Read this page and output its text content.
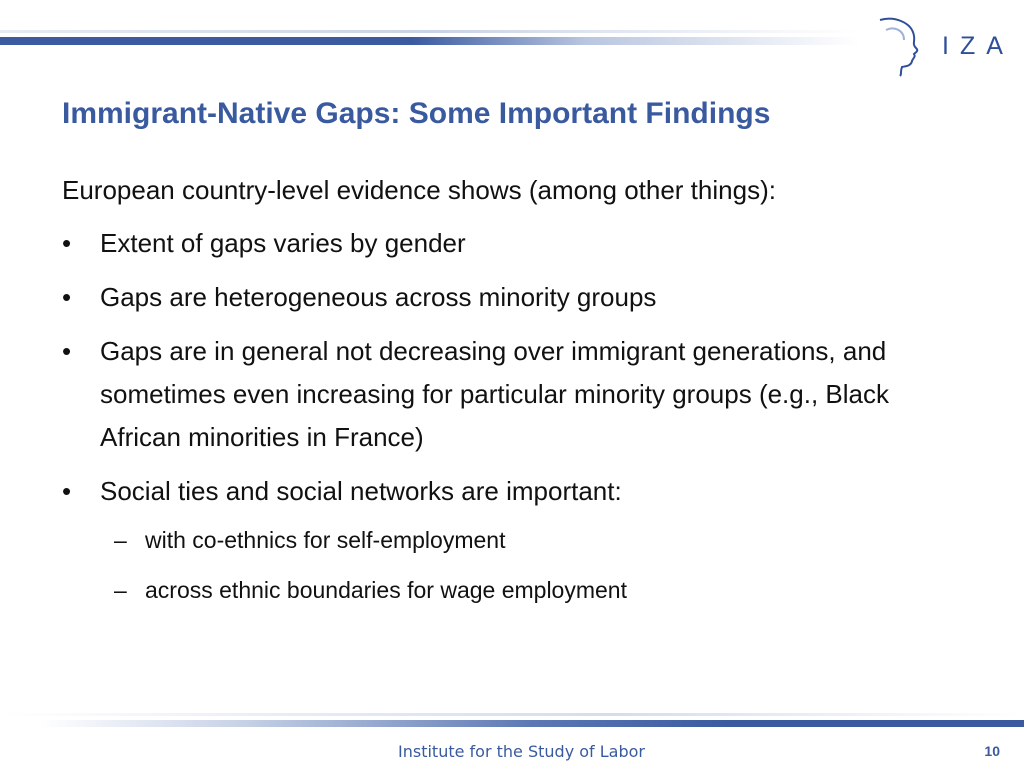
IZA
Immigrant-Native Gaps: Some Important Findings

European country-level evidence shows (among other things):

• Extent of gaps varies by gender
• Gaps are heterogeneous across minority groups
• Gaps are in general not decreasing over immigrant generations, and sometimes even increasing for particular minority groups (e.g., Black African minorities in France)
• Social ties and social networks are important:
– with co-ethnics for self-employment
– across ethnic boundaries for wage employment
Institute for the Study of Labor	10
